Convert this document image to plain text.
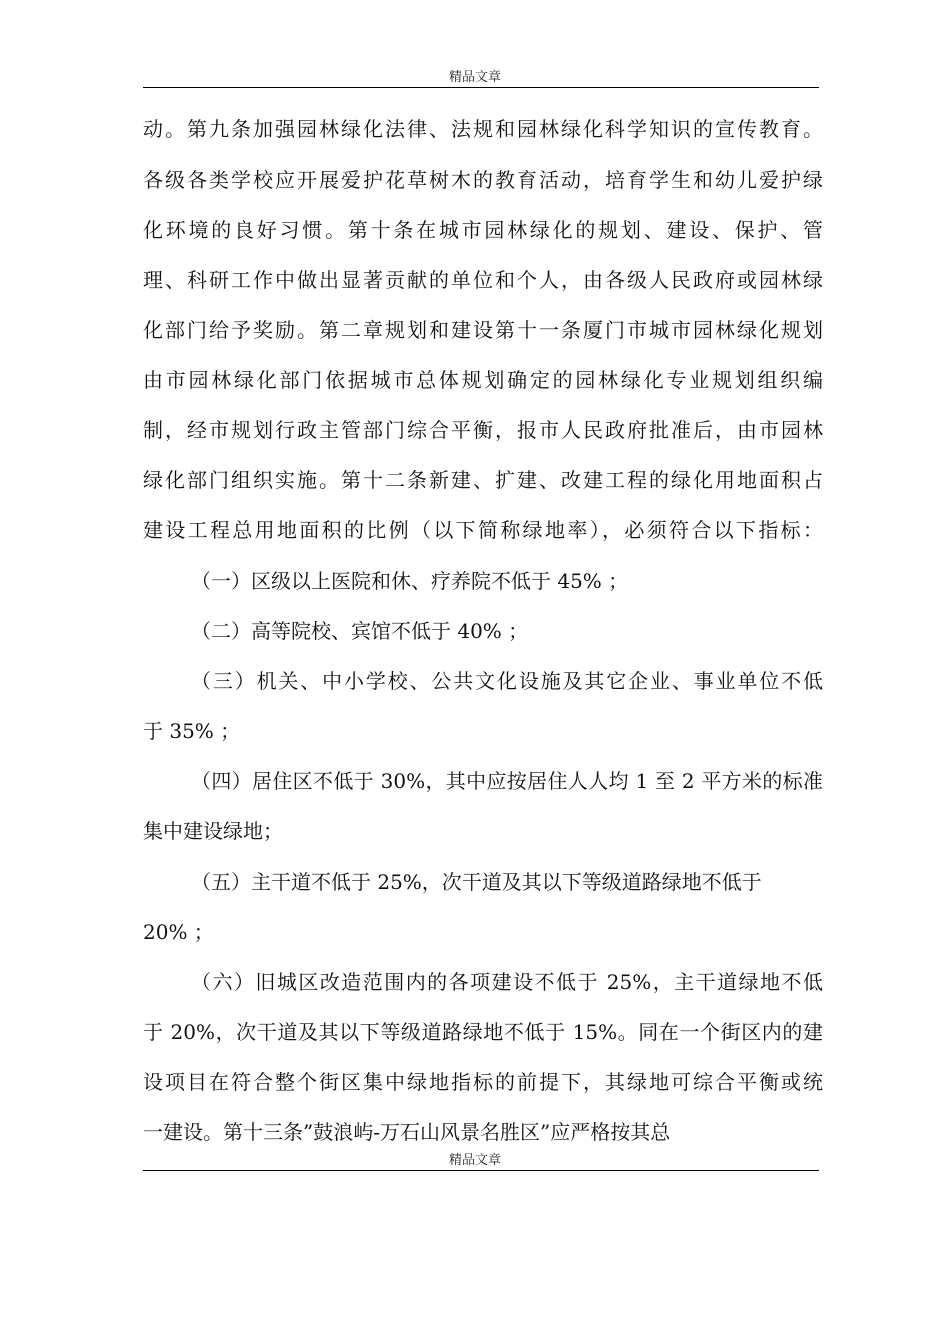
精品文章
动。第九条加强园林绿化法律、法规和园林绿化科学知识的宣传教育。
各级各类学校应开展爱护花草树木的教育活动，培育学生和幼儿爱护绿
化环境的良好习惯。第十条在城市园林绿化的规划、建设、保护、管
理、科研工作中做出显著贡献的单位和个人，由各级人民政府或园林绿
化部门给予奖励。第二章规划和建设第十一条厦门市城市园林绿化规划
由市园林绿化部门依据城市总体规划确定的园林绿化专业规划组织编
制，经市规划行政主管部门综合平衡，报市人民政府批准后，由市园林
绿化部门组织实施。第十二条新建、扩建、改建工程的绿化用地面积占
建设工程总用地面积的比例（以下简称绿地率），必须符合以下指标：
（一）区级以上医院和休、疗养院不低于 45% ；
（二）高等院校、宾馆不低于 40% ；
（三）机关、中小学校、公共文化设施及其它企业、事业单位不低
于 35% ；
（四）居住区不低于 30%，其中应按居住人人均 1 至 2 平方米的标准
集中建设绿地；
（五）主干道不低于 25%，次干道及其以下等级道路绿地不低于
20% ；
（六）旧城区改造范围内的各项建设不低于 25%，主干道绿地不低
于 20%，次干道及其以下等级道路绿地不低于 15%。同在一个街区内的建
设项目在符合整个街区集中绿地指标的前提下，其绿地可综合平衡或统
一建设。第十三条”鼓浪屿-万石山风景名胜区”应严格按其总
精品文章
